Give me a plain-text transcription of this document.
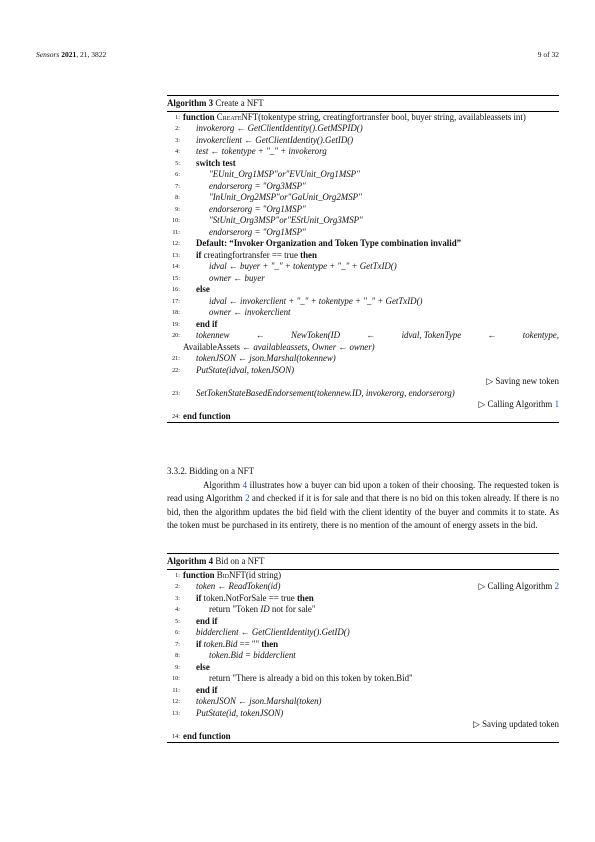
Sensors 2021, 21, 3822	9 of 32
Algorithm 3 Create a NFT
1: function CreateNFT(tokentype string, creatingfortransfer bool, buyer string, availableassets int)
2: invokerorg ← GetClientIdentity().GetMSPID()
3: invokerclient ← GetClientIdentity().GetID()
4: test ← tokentype + "_" + invokerorg
5: switch test
6:	"EUnit_Org1MSP"or"EVUnit_Org1MSP"
7:	endorserorg = "Org3MSP"
8:	"InUnit_Org2MSP"or"GaUnit_Org2MSP"
9:	endorserorg = "Org1MSP"
10:	"StUnit_Org3MSP"or"EStUnit_Org3MSP"
11:	endorserorg = "Org1MSP"
12: Default: “Invoker Organization and Token Type combination invalid”
13: if creatingfortransfer == true then
14:	idval ← buyer + "_" + tokentype + "_" + GetTxID()
15:	owner ← buyer
16: else
17:	idval ← invokerclient + "_" + tokentype + "_" + GetTxID()
18:	owner ← invokerclient
19: end if
20: tokennew	←	NewToken(ID	←	idval, TokenType	←	tokentype,
AvailableAssets ← availableassets, Owner ← owner)
21: tokenJSON ← json.Marshal(tokennew)
22: PutState(idval, tokenJSON)
▷ Saving new token
23: SetTokenStateBasedEndorsement(tokennew.ID, invokerorg, endorserorg)
▷ Calling Algorithm 1
24: end function
3.3.2. Bidding on a NFT
Algorithm 4 illustrates how a buyer can bid upon a token of their choosing. The requested token is read using Algorithm 2 and checked if it is for sale and that there is no bid on this token already. If there is no bid, then the algorithm updates the bid field with the client identity of the buyer and commits it to state. As the token must be purchased in its entirety, there is no mention of the amount of energy assets in the bid.
Algorithm 4 Bid on a NFT
1: function BidNFT(id string)
2: token ← ReadToken(id)	▷ Calling Algorithm 2
3: if token.NotForSale == true then
4:	return "Token ID not for sale"
5: end if
6: bidderclient ← GetClientIdentity().GetID()
7: if token.Bid == "" then
8:	token.Bid = bidderclient
9: else
10:	return "There is already a bid on this token by token.Bid"
11: end if
12: tokenJSON ← json.Marshal(token)
13: PutState(id, tokenJSON)
▷ Saving updated token
14: end function
